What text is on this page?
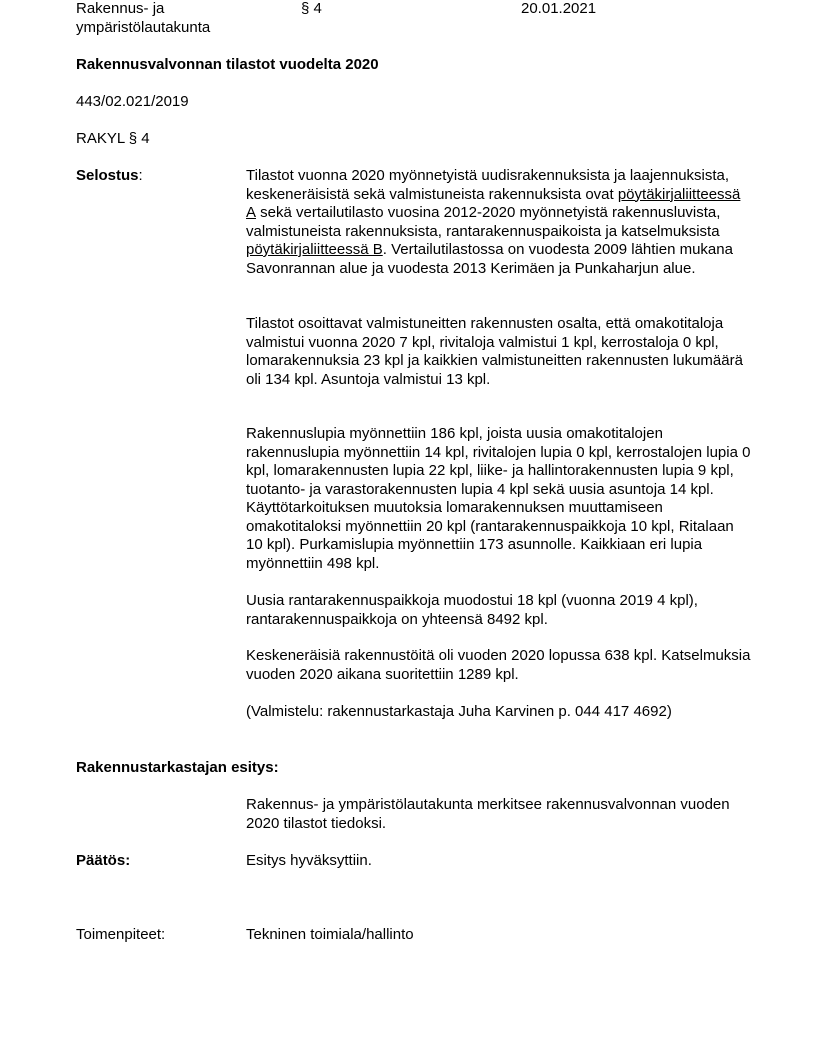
Rakennus- ja
ympäristölautakunta
§ 4	20.01.2021
Rakennusvalvonnan tilastot vuodelta 2020
443/02.021/2019
RAKYL § 4
Selostus:	Tilastot vuonna 2020 myönnetyistä uudisrakennuksista ja laajennuksista, keskeneräisistä sekä valmistuneista rakennuksista ovat pöytäkirjaliitteessä A sekä vertailutilasto vuosina 2012-2020 myönnetyistä rakennusluvista, valmistuneista rakennuksista, rantarakennuspaikoista ja katselmuksista pöytäkirjaliitteessä B. Vertailutilastossa on vuodesta 2009 lähtien mukana Savonrannan alue ja vuodesta 2013 Kerimäen ja Punkaharjun alue.

Tilastot osoittavat valmistuneitten rakennusten osalta, että omakotitaloja valmistui vuonna 2020 7 kpl, rivitaloja valmistui 1 kpl, kerrostaloja 0 kpl, lomarakennuksia 23 kpl ja kaikkien valmistuneitten rakennusten lukumäärä oli 134 kpl. Asuntoja valmistui 13 kpl.

Rakennuslupia myönnettiin 186 kpl, joista uusia omakotitalojen rakennuslupia myönnettiin 14 kpl, rivitalojen lupia 0 kpl, kerrostalojen lupia 0 kpl, lomarakennusten lupia 22 kpl, liike- ja hallintorakennusten lupia 9 kpl, tuotanto- ja varastorakennusten lupia 4 kpl sekä uusia asuntoja 14 kpl. Käyttötarkoituksen muutoksia lomarakennuksen muuttamiseen omakotitaloksi myönnettiin 20 kpl (rantarakennuspaikkoja 10 kpl, Ritalaan 10 kpl). Purkamislupia myönnettiin 173 asunnolle. Kaikkiaan eri lupia myönnettiin 498 kpl.

Uusia rantarakennuspaikkoja muodostui 18 kpl (vuonna 2019 4 kpl), rantarakennuspaikkoja on yhteensä 8492 kpl.

Keskeneräisiä rakennustöitä oli vuoden 2020 lopussa 638 kpl. Katselmuksia vuoden 2020 aikana suoritettiin 1289 kpl.

(Valmistelu: rakennustarkastaja Juha Karvinen p. 044 417 4692)

Rakennustarkastajan esitys:

Rakennus- ja ympäristölautakunta merkitsee rakennusvalvonnan vuoden 2020 tilastot tiedoksi.

Päätös:	Esitys hyväksyttiin.
Toimenpiteet:	Tekninen toimiala/hallinto
